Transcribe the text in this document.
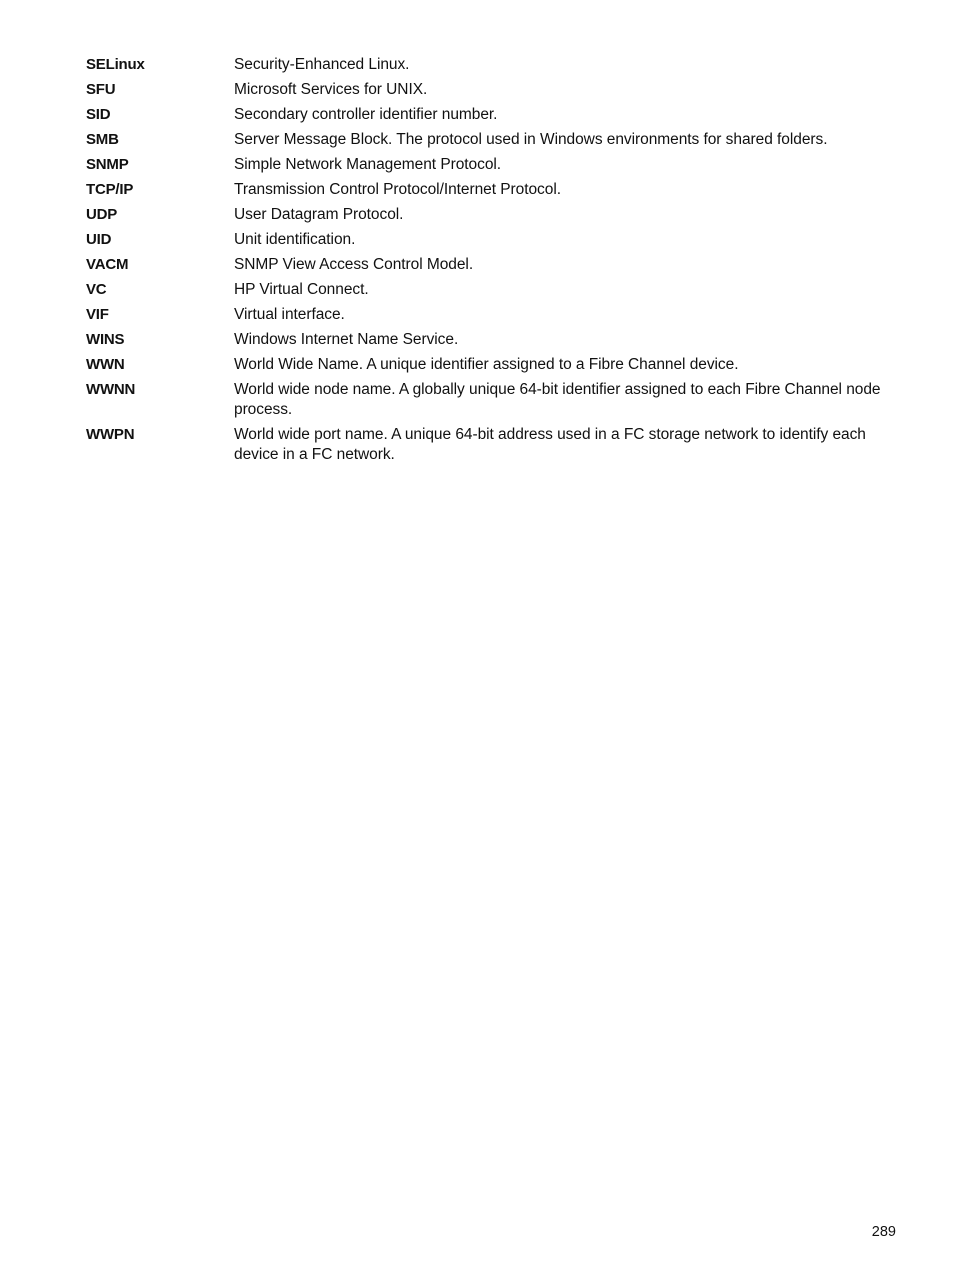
SELinux	Security-Enhanced Linux.
SFU	Microsoft Services for UNIX.
SID	Secondary controller identifier number.
SMB	Server Message Block. The protocol used in Windows environments for shared folders.
SNMP	Simple Network Management Protocol.
TCP/IP	Transmission Control Protocol/Internet Protocol.
UDP	User Datagram Protocol.
UID	Unit identification.
VACM	SNMP View Access Control Model.
VC	HP Virtual Connect.
VIF	Virtual interface.
WINS	Windows Internet Name Service.
WWN	World Wide Name. A unique identifier assigned to a Fibre Channel device.
WWNN	World wide node name. A globally unique 64-bit identifier assigned to each Fibre Channel node process.
WWPN	World wide port name. A unique 64-bit address used in a FC storage network to identify each device in a FC network.
289
